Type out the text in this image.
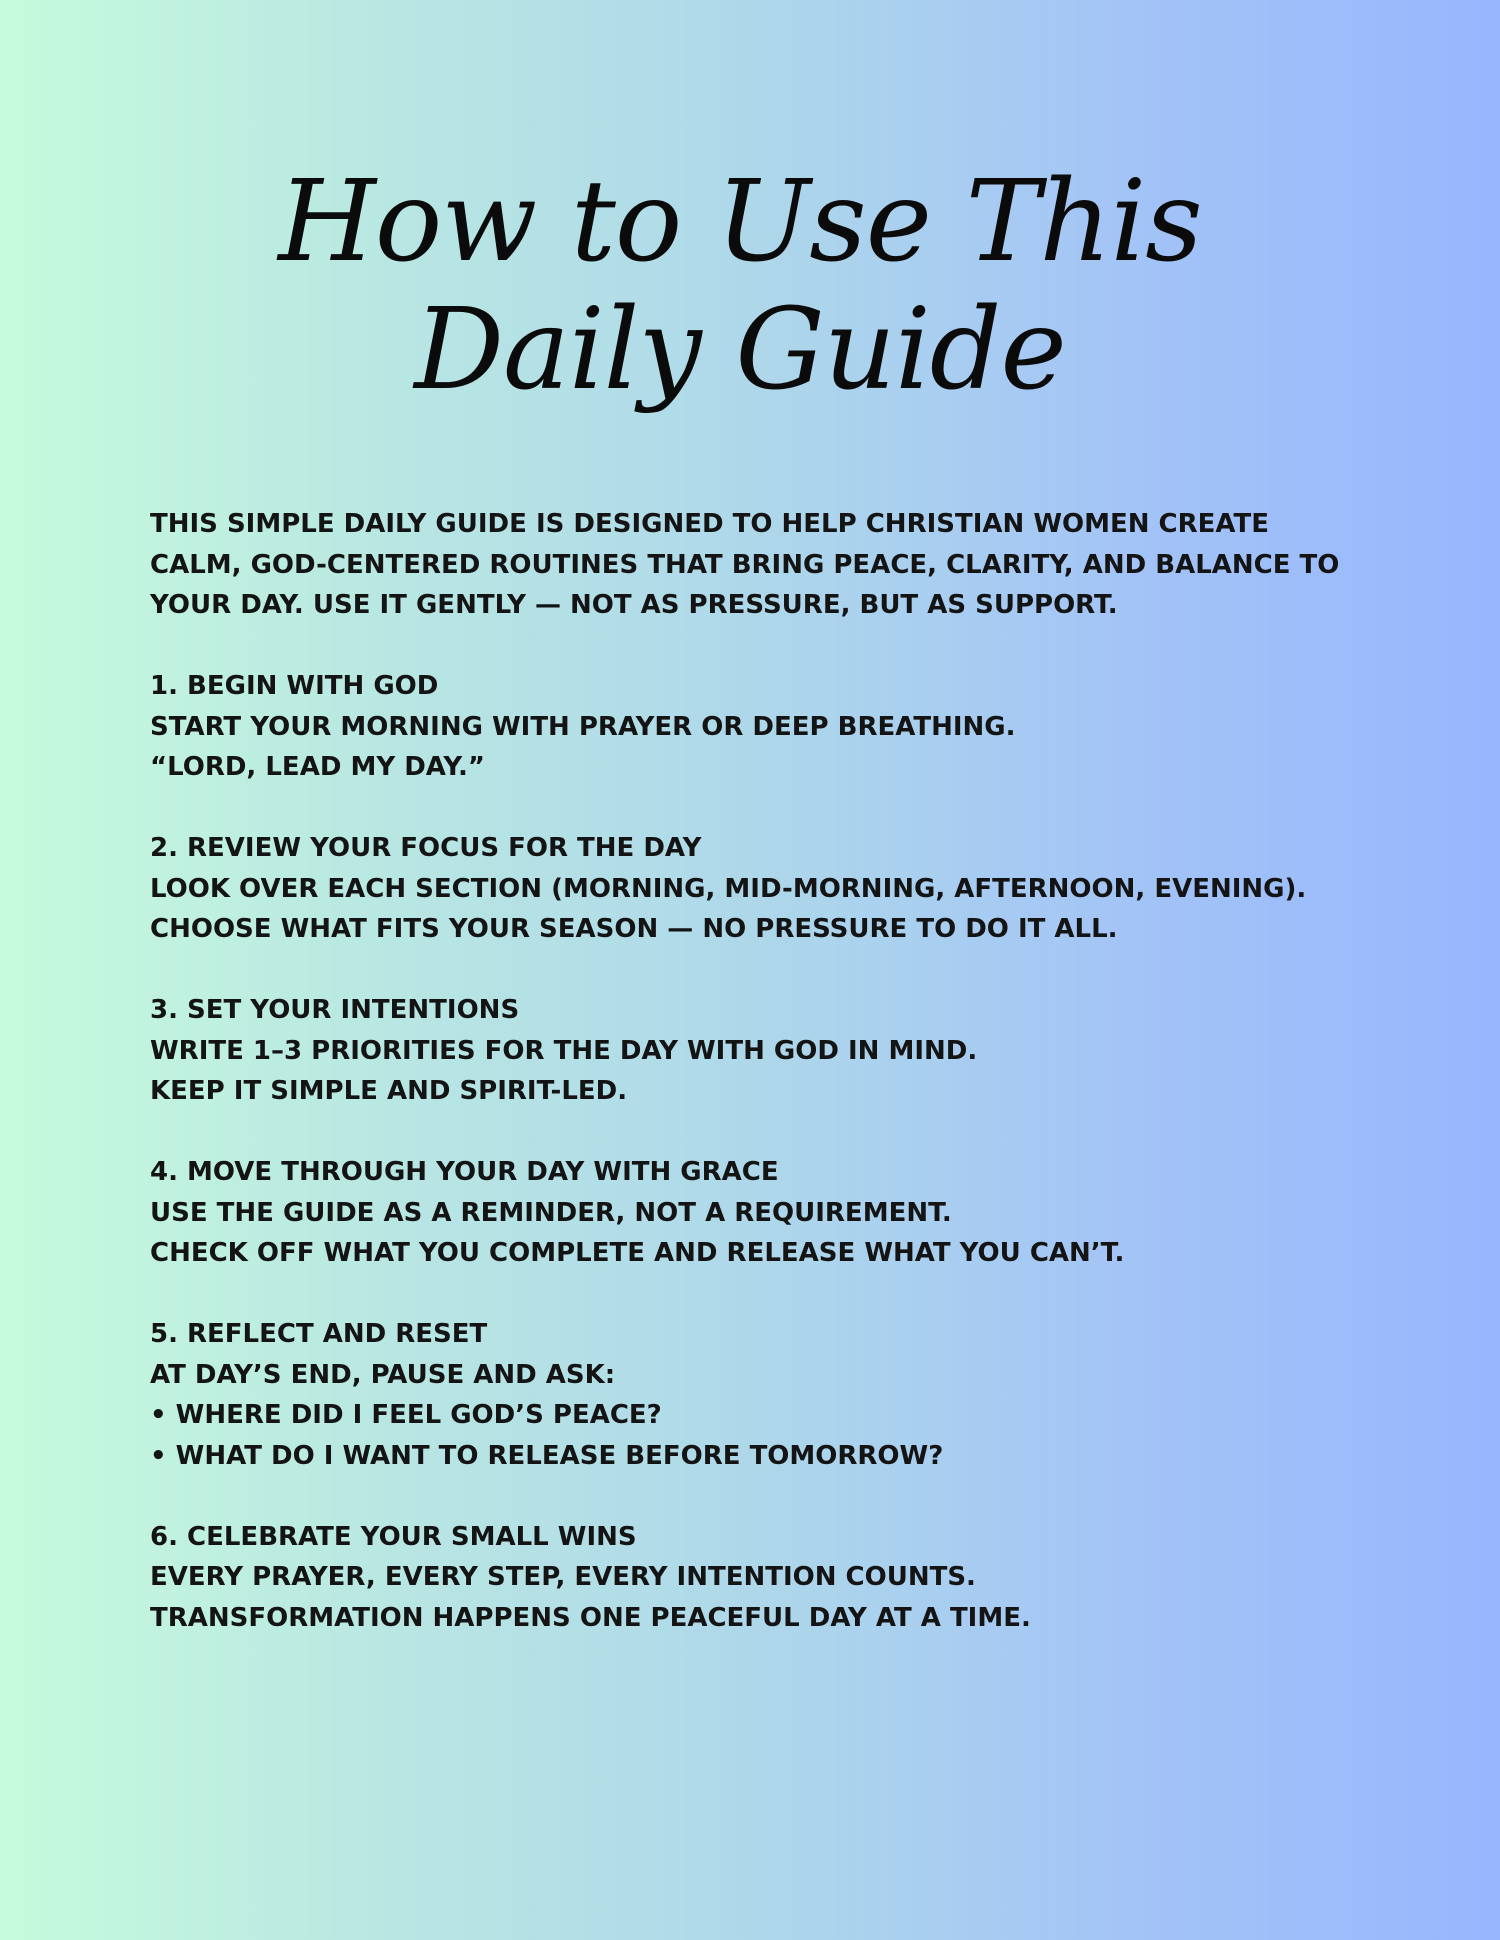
How to Use This
Daily Guide
THIS SIMPLE DAILY GUIDE IS DESIGNED TO HELP CHRISTIAN WOMEN CREATE
CALM, GOD-CENTERED ROUTINES THAT BRING PEACE, CLARITY, AND BALANCE TO
YOUR DAY. USE IT GENTLY — NOT AS PRESSURE, BUT AS SUPPORT.
1. BEGIN WITH GOD
START YOUR MORNING WITH PRAYER OR DEEP BREATHING.
“LORD, LEAD MY DAY.”
2. REVIEW YOUR FOCUS FOR THE DAY
LOOK OVER EACH SECTION (MORNING, MID-MORNING, AFTERNOON, EVENING).
CHOOSE WHAT FITS YOUR SEASON — NO PRESSURE TO DO IT ALL.
3. SET YOUR INTENTIONS
WRITE 1–3 PRIORITIES FOR THE DAY WITH GOD IN MIND.
KEEP IT SIMPLE AND SPIRIT-LED.
4. MOVE THROUGH YOUR DAY WITH GRACE
USE THE GUIDE AS A REMINDER, NOT A REQUIREMENT.
CHECK OFF WHAT YOU COMPLETE AND RELEASE WHAT YOU CAN’T.
5. REFLECT AND RESET
AT DAY’S END, PAUSE AND ASK:
• WHERE DID I FEEL GOD’S PEACE?
• WHAT DO I WANT TO RELEASE BEFORE TOMORROW?
6. CELEBRATE YOUR SMALL WINS
EVERY PRAYER, EVERY STEP, EVERY INTENTION COUNTS.
TRANSFORMATION HAPPENS ONE PEACEFUL DAY AT A TIME.
